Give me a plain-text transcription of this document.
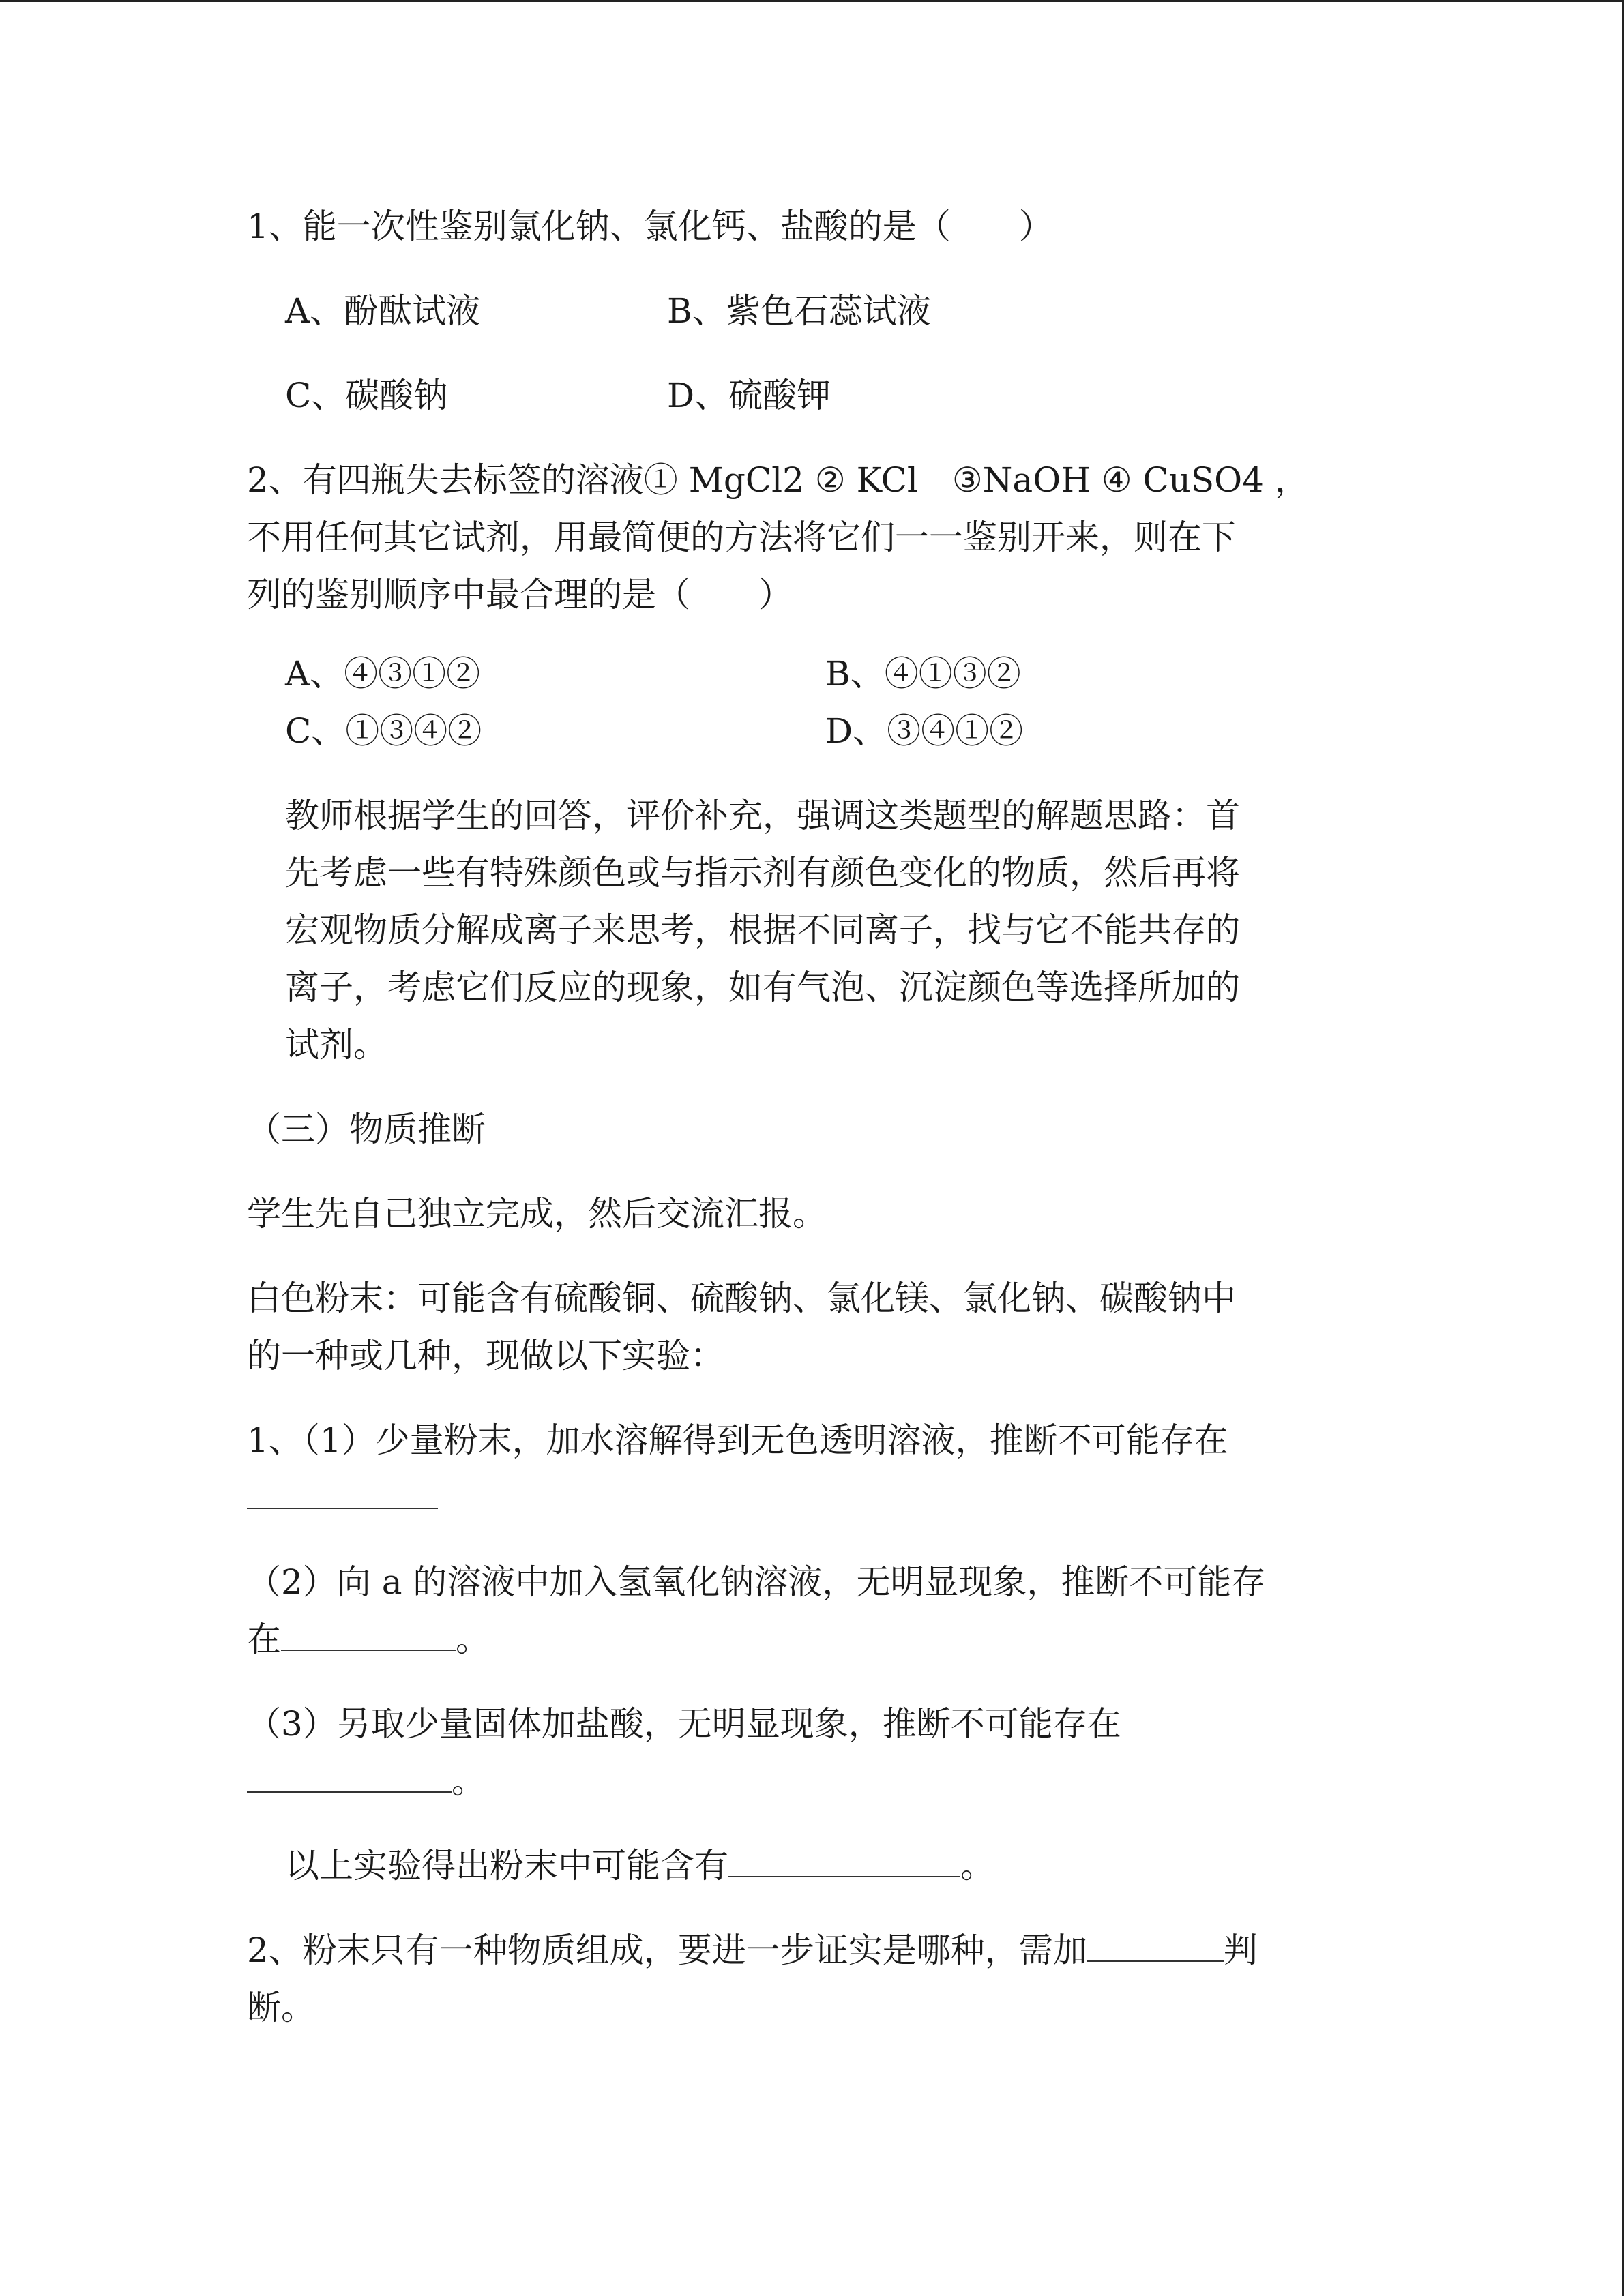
1、能一次性鉴别氯化钠、氯化钙、盐酸的是（　　）

A、酚酞试液	B、紫色石蕊试液
C、碳酸钠	D、硫酸钾

2、有四瓶失去标签的溶液① MgCl2 ② KCl　③NaOH ④ CuSO4 ，

不用任何其它试剂，用最简便的方法将它们一一鉴别开来，则在下

列的鉴别顺序中最合理的是（　　）

A、④③①②	B、④①③②
C、①③④②	D、③④①②
教师根据学生的回答，评价补充，强调这类题型的解题思路：首
先考虑一些有特殊颜色或与指示剂有颜色变化的物质，然后再将
宏观物质分解成离子来思考，根据不同离子，找与它不能共存的
离子，考虑它们反应的现象，如有气泡、沉淀颜色等选择所加的
试剂。

（三）物质推断

学生先自己独立完成，然后交流汇报。

白色粉末：可能含有硫酸铜、硫酸钠、氯化镁、氯化钠、碳酸钠中

的一种或几种，现做以下实验：

1、（1）少量粉末，加水溶解得到无色透明溶液，推断不可能存在

（2）向 a 的溶液中加入氢氧化钠溶液，无明显现象，推断不可能存

在	。

（3）另取少量固体加盐酸，无明显现象，推断不可能存在

。

以上实验得出粉末中可能含有	。

2、粉末只有一种物质组成，要进一步证实是哪种，需加	判

断。
